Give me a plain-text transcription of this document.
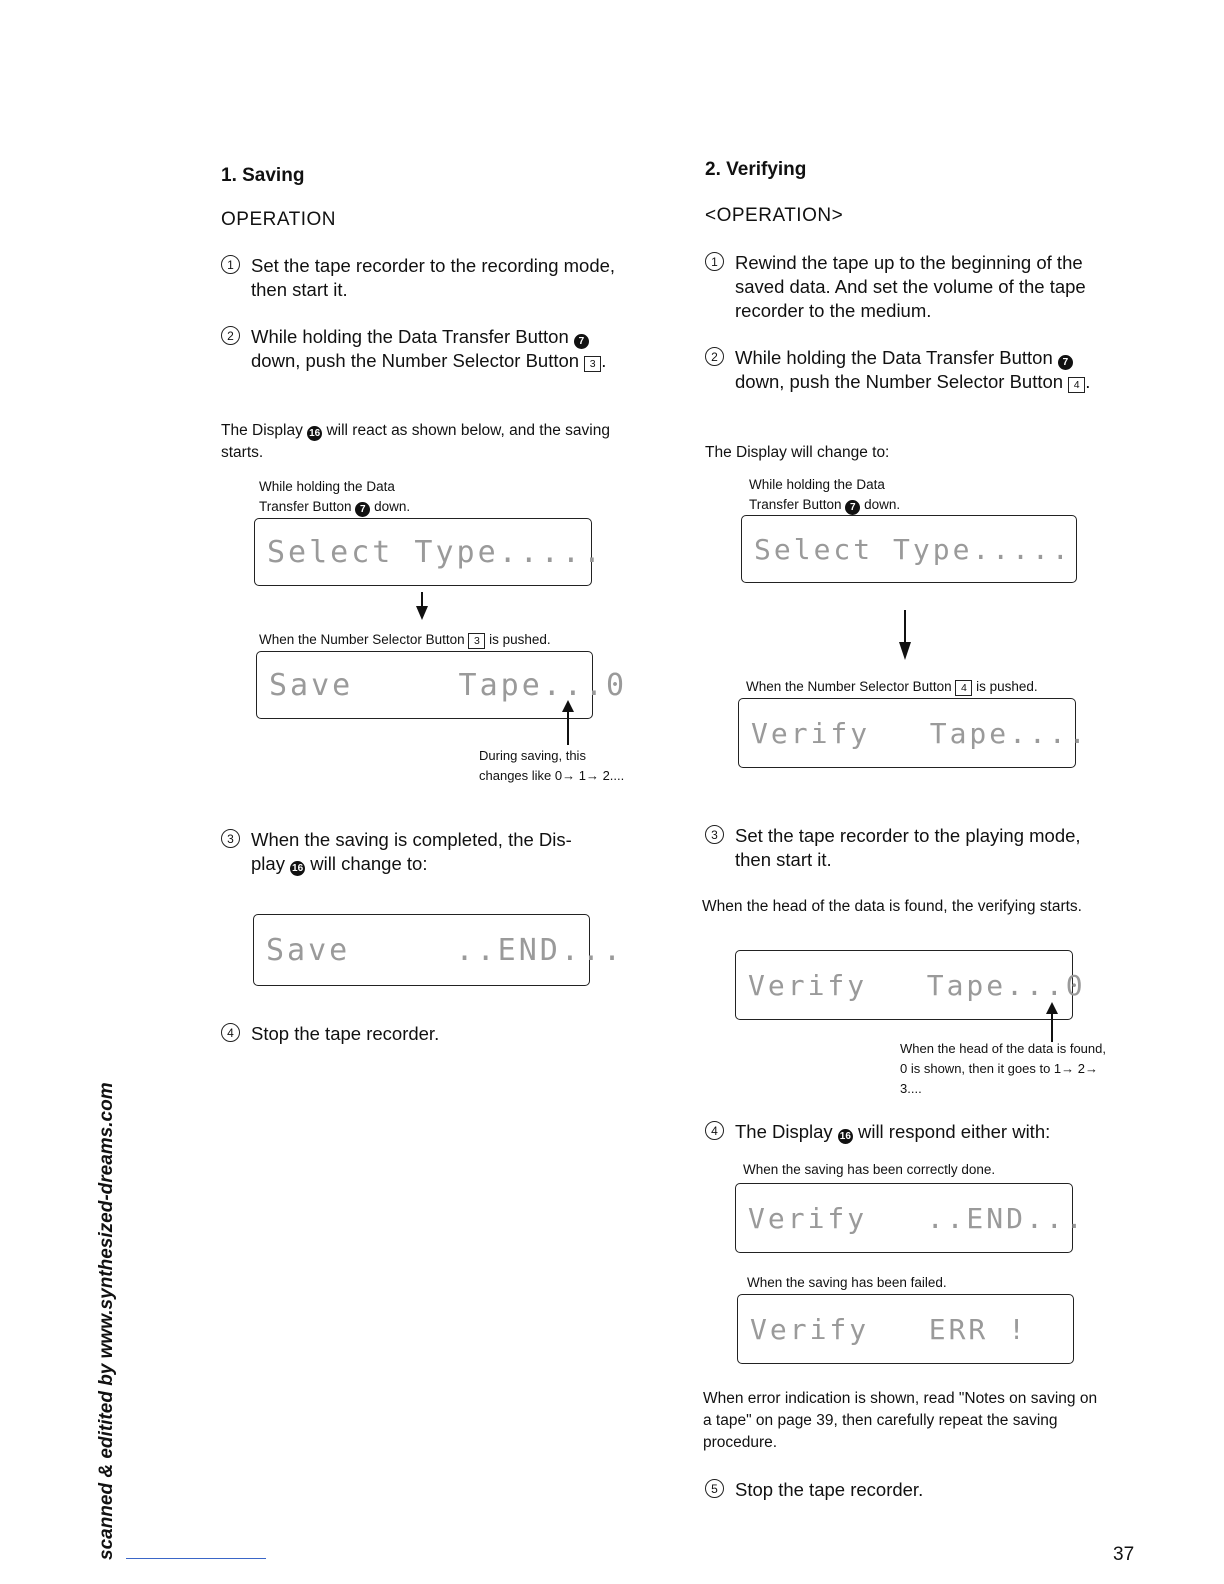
1. Saving
OPERATION
1 Set the tape recorder to the recording mode, then start it.
2 While holding the Data Transfer Button 7 down, push the Number Selector Button 3 .
The Display 16 will react as shown below, and the saving starts.
While holding the Data
Transfer Button 7 down.
Select Type.....
When the Number Selector Button 3 is pushed.
Save     Tape...0
During saving, this changes like 0→ 1→ 2....
3 When the saving is completed, the Dis-
play 16 will change to:
Save     ..END...
4 Stop the tape recorder.
2. Verifying
<OPERATION>
1 Rewind the tape up to the beginning of the saved data. And set the volume of the tape recorder to the medium.
2 While holding the Data Transfer Button 7 down, push the Number Selector Button 4 .
The Display will change to:
While holding the Data
Transfer Button 7 down.
Select Type.....
When the Number Selector Button 4 is pushed.
Verify   Tape....
3 Set the tape recorder to the playing mode, then start it.
When the head of the data is found, the verifying starts.
Verify   Tape...0
When the head of the data is found, 0 is shown, then it goes to 1→ 2→ 3....
4 The Display 16 will respond either with:
When the saving has been correctly done.
Verify   ..END...
When the saving has been failed.
Verify   ERR !
When error indication is shown, read "Notes on saving on a tape" on page 39, then carefully repeat the saving procedure.
5 Stop the tape recorder.
scanned & editited by www.synthesized-dreams.com	37
